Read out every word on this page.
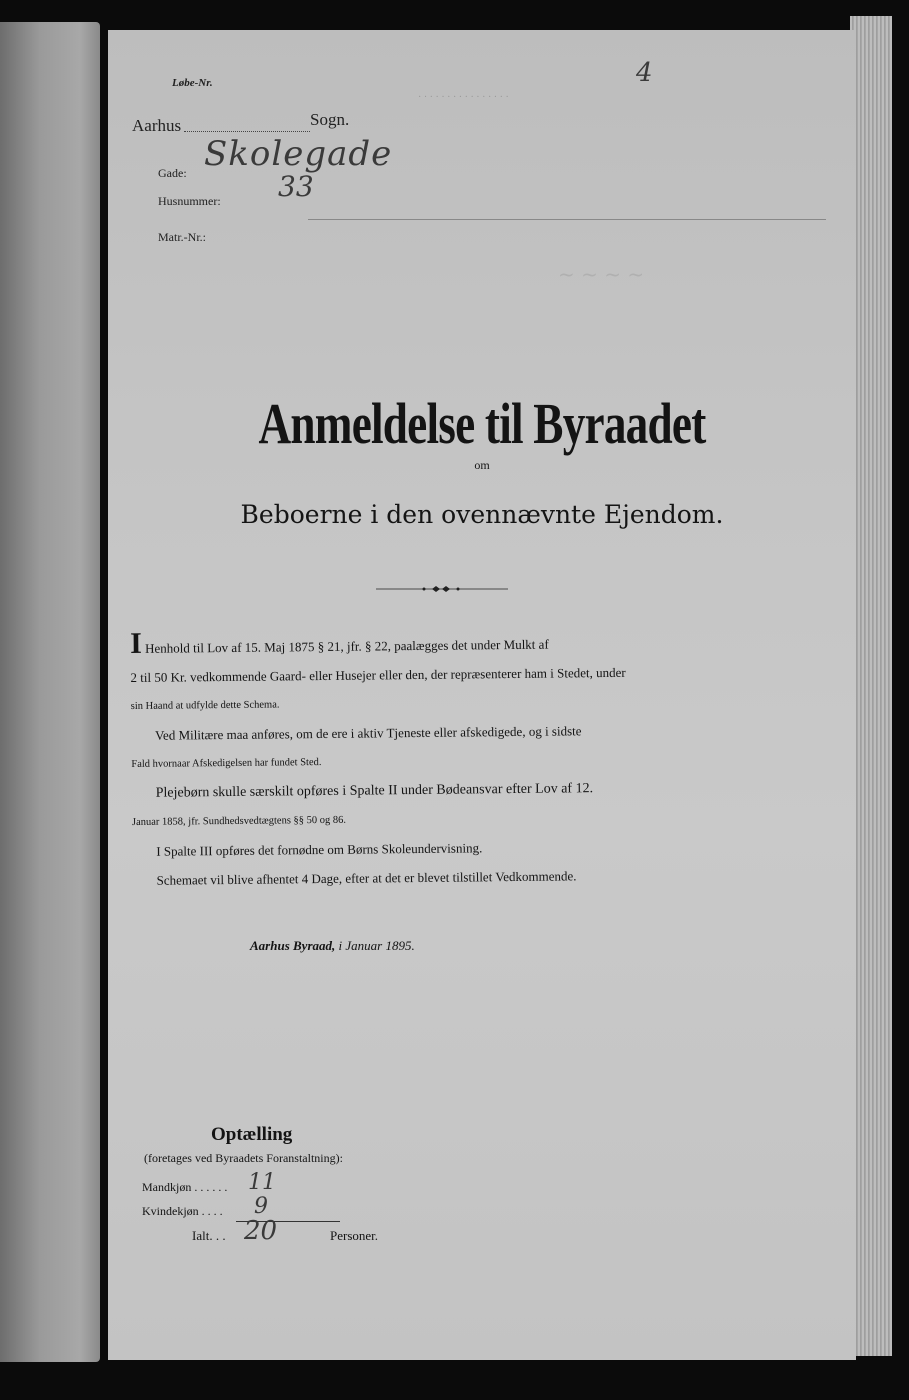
· · · · · · · · · · · · · · · ·
~ ~ ~ ~
Løbe-Nr.	4
Aarhus	Sogn.
Gade: Skolegade
Husnummer: 33
Matr.-Nr.:
Anmeldelse til Byraadet
om
Beboerne i den ovennævnte Ejendom.

I Henhold til Lov af 15. Maj 1875 § 21, jfr. § 22, paalægges det under Mulkt af

2 til 50 Kr. vedkommende Gaard- eller Husejer eller den, der repræsenterer ham i Stedet, under

sin Haand at udfylde dette Schema.

Ved Militære maa anføres, om de ere i aktiv Tjeneste eller afskedigede, og i sidste

Fald hvornaar Afskedigelsen har fundet Sted.

Plejebørn skulle særskilt opføres i Spalte II under Bødeansvar efter Lov af 12.

Januar 1858, jfr. Sundhedsvedtægtens §§ 50 og 86.

I Spalte III opføres det fornødne om Børns Skoleundervisning.

Schemaet vil blive afhentet 4 Dage, efter at det er blevet tilstillet Vedkommende.

Aarhus Byraad, i Januar 1895.
Optælling
(foretages ved Byraadets Foranstaltning):
Mandkjøn . . . . . . 11
Kvindekjøn . . . . 9
Ialt. . . 20	Personer.
